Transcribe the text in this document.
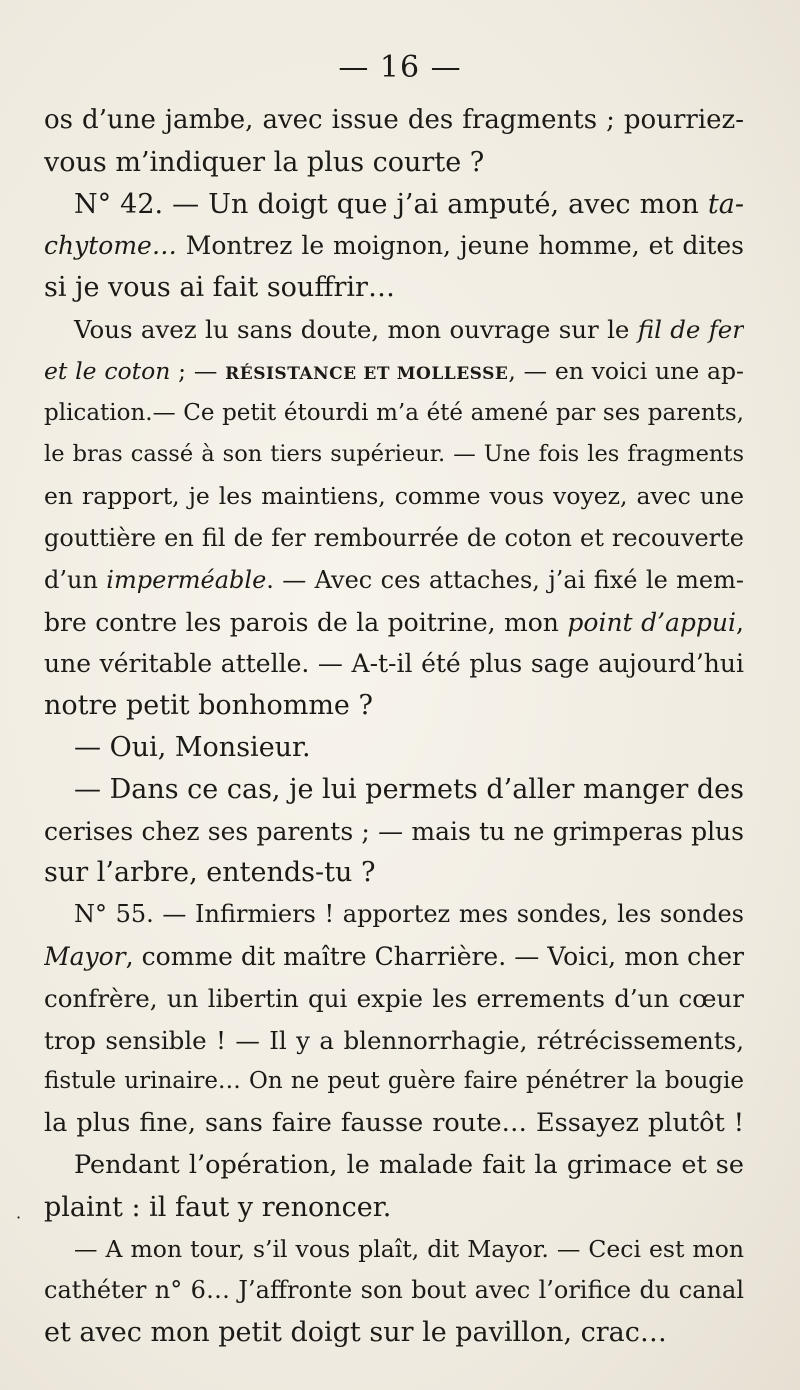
— 16 —
os d’une jambe, avec issue des fragments ; pourriez-
vous m’indiquer la plus courte ?
N° 42. — Un doigt que j’ai amputé, avec mon ta-
chytome… Montrez le moignon, jeune homme, et dites
si je vous ai fait souffrir…
Vous avez lu sans doute, mon ouvrage sur le fil de fer
et le coton ; — RÉSISTANCE ET MOLLESSE, — en voici une ap-
plication.— Ce petit étourdi m’a été amené par ses parents,
le bras cassé à son tiers supérieur. — Une fois les fragments
en rapport, je les maintiens, comme vous voyez, avec une
gouttière en fil de fer rembourrée de coton et recouverte
d’un imperméable. — Avec ces attaches, j’ai fixé le mem-
bre contre les parois de la poitrine, mon point d’appui,
une véritable attelle. — A-t-il été plus sage aujourd’hui
notre petit bonhomme ?
— Oui, Monsieur.
— Dans ce cas, je lui permets d’aller manger des
cerises chez ses parents ; — mais tu ne grimperas plus
sur l’arbre, entends-tu ?
N° 55. — Infirmiers ! apportez mes sondes, les sondes
Mayor, comme dit maître Charrière. — Voici, mon cher
confrère, un libertin qui expie les errements d’un cœur
trop sensible ! — Il y a blennorrhagie, rétrécissements,
fistule urinaire… On ne peut guère faire pénétrer la bougie
la plus fine, sans faire fausse route… Essayez plutôt !
Pendant l’opération, le malade fait la grimace et se
plaint : il faut y renoncer.
— A mon tour, s’il vous plaît, dit Mayor. — Ceci est mon
cathéter n° 6… J’affronte son bout avec l’orifice du canal
et avec mon petit doigt sur le pavillon, crac…
·
